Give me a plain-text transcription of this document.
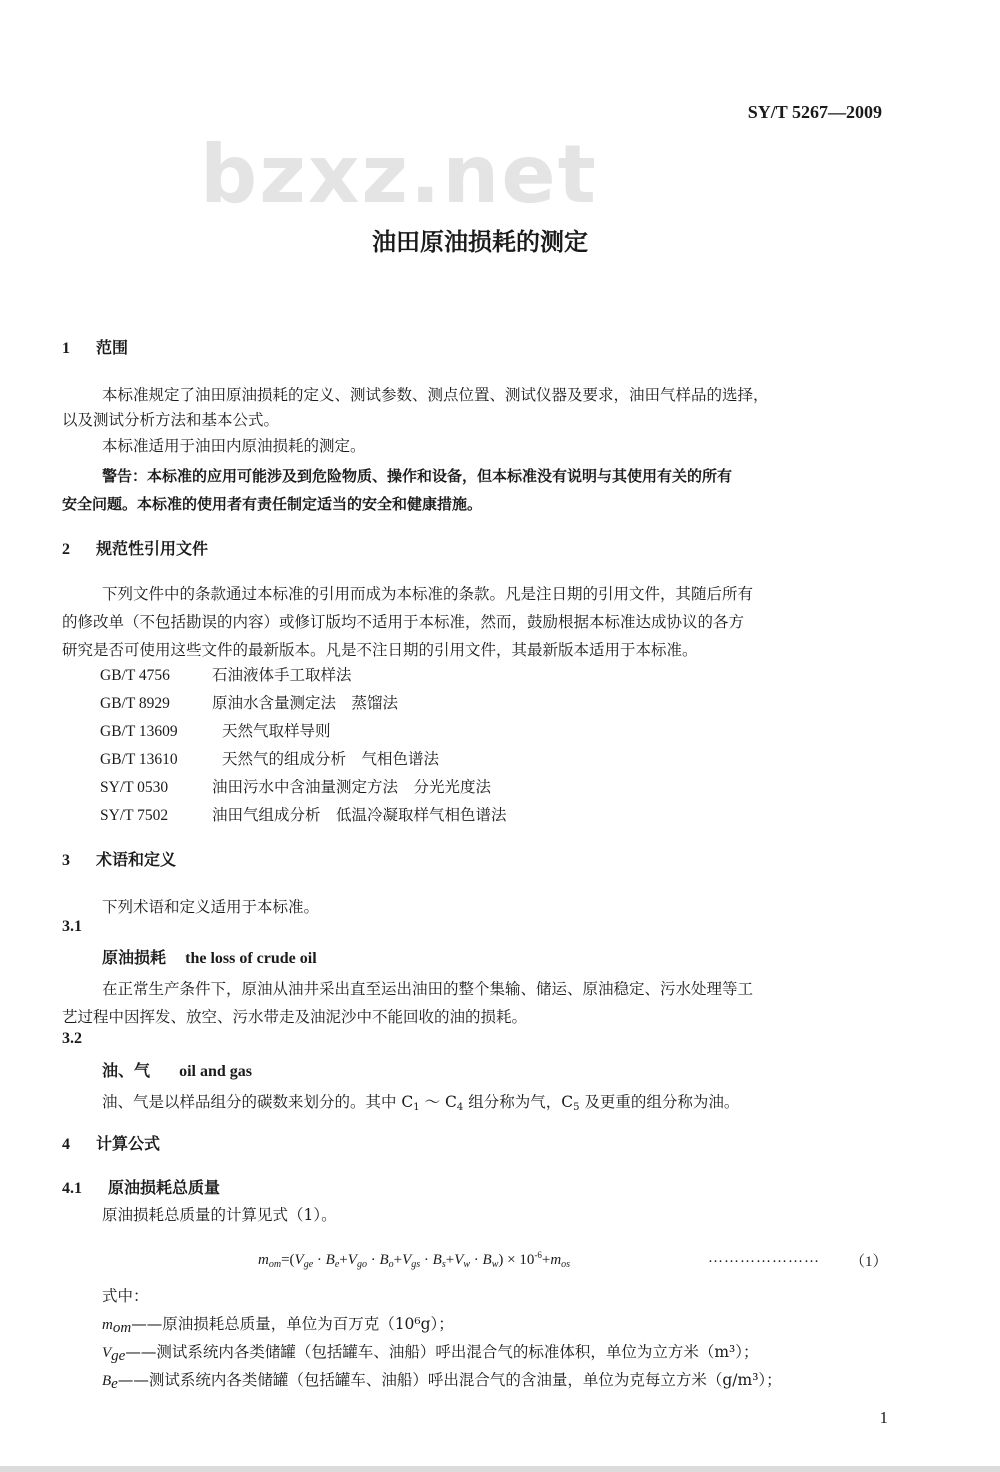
SY/T 5267—2009
bzxz.net
油田原油损耗的测定
1 范围
本标准规定了油田原油损耗的定义、测试参数、测点位置、测试仪器及要求，油田气样品的选择，
以及测试分析方法和基本公式。
本标准适用于油田内原油损耗的测定。
警告：本标准的应用可能涉及到危险物质、操作和设备，但本标准没有说明与其使用有关的所有
安全问题。本标准的使用者有责任制定适当的安全和健康措施。
2 规范性引用文件
下列文件中的条款通过本标准的引用而成为本标准的条款。凡是注日期的引用文件，其随后所有
的修改单（不包括勘误的内容）或修订版均不适用于本标准，然而，鼓励根据本标准达成协议的各方
研究是否可使用这些文件的最新版本。凡是不注日期的引用文件，其最新版本适用于本标准。
GB/T 4756	石油液体手工取样法
GB/T 8929	原油水含量测定法　蒸馏法
GB/T 13609	天然气取样导则
GB/T 13610	天然气的组成分析　气相色谱法
SY/T 0530	油田污水中含油量测定方法　分光光度法
SY/T 7502	油田气组成分析　低温冷凝取样气相色谱法
3 术语和定义
下列术语和定义适用于本标准。
3.1
原油损耗 the loss of crude oil
在正常生产条件下，原油从油井采出直至运出油田的整个集输、储运、原油稳定、污水处理等工
艺过程中因挥发、放空、污水带走及油泥沙中不能回收的油的损耗。
3.2
油、气 oil and gas
油、气是以样品组分的碳数来划分的。其中 $C_1$ ～ $C_4$ 组分称为气，$C_5$ 及更重的组分称为油。
4 计算公式
4.1 原油损耗总质量
原油损耗总质量的计算见式（1）。
$m_{om}=(V_{ge} \cdot B_e+V_{go} \cdot B_o+V_{gs} \cdot B_s+V_w \cdot B_w) \times 10^{-6}+m_{os}$	………………… （1）
式中：
$m_{om}——$原油损耗总质量，单位为百万克（10⁶g）；
$V_{ge}——$测试系统内各类储罐（包括罐车、油船）呼出混合气的标准体积，单位为立方米（m³）；
$B_e——$测试系统内各类储罐（包括罐车、油船）呼出混合气的含油量，单位为克每立方米（g/m³）；
1
